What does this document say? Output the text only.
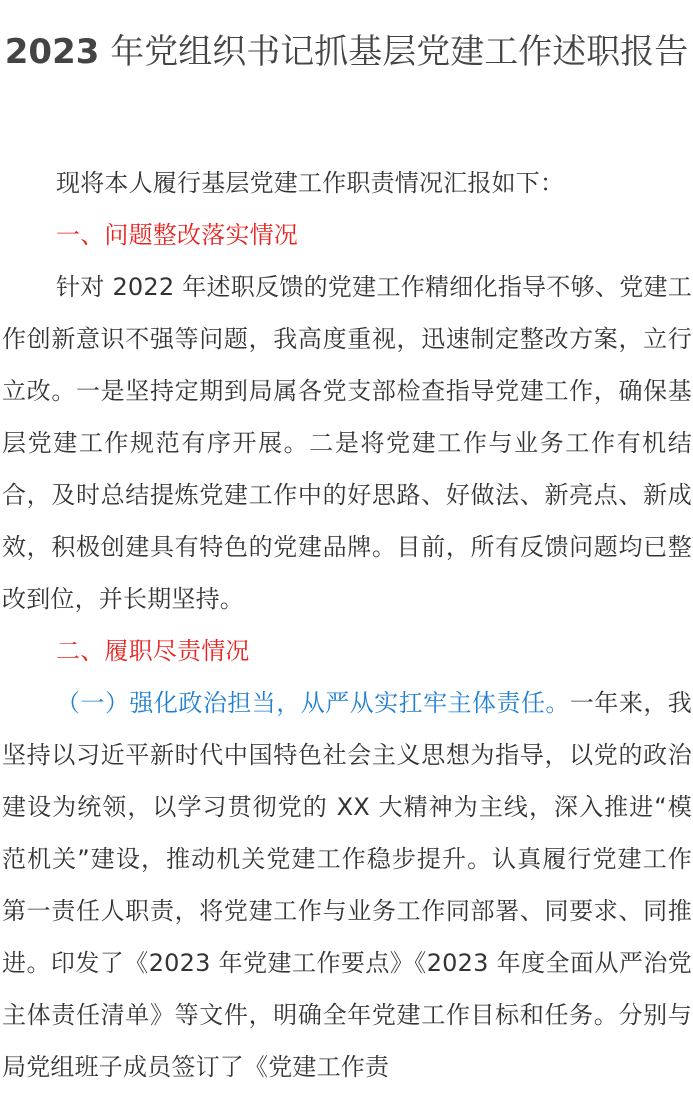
2023 年党组织书记抓基层党建工作述职报告

现将本人履行基层党建工作职责情况汇报如下：

一、问题整改落实情况

针对 2022 年述职反馈的党建工作精细化指导不够、党建工作创新意识不强等问题，我高度重视，迅速制定整改方案，立行立改。一是坚持定期到局属各党支部检查指导党建工作，确保基层党建工作规范有序开展。二是将党建工作与业务工作有机结合，及时总结提炼党建工作中的好思路、好做法、新亮点、新成效，积极创建具有特色的党建品牌。目前，所有反馈问题均已整改到位，并长期坚持。

二、履职尽责情况

（一）强化政治担当，从严从实扛牢主体责任。一年来，我坚持以习近平新时代中国特色社会主义思想为指导，以党的政治建设为统领，以学习贯彻党的 XX 大精神为主线，深入推进“模范机关”建设，推动机关党建工作稳步提升。认真履行党建工作第一责任人职责，将党建工作与业务工作同部署、同要求、同推进。印发了《2023 年党建工作要点》《2023 年度全面从严治党主体责任清单》等文件，明确全年党建工作目标和任务。分别与局党组班子成员签订了《党建工作责
